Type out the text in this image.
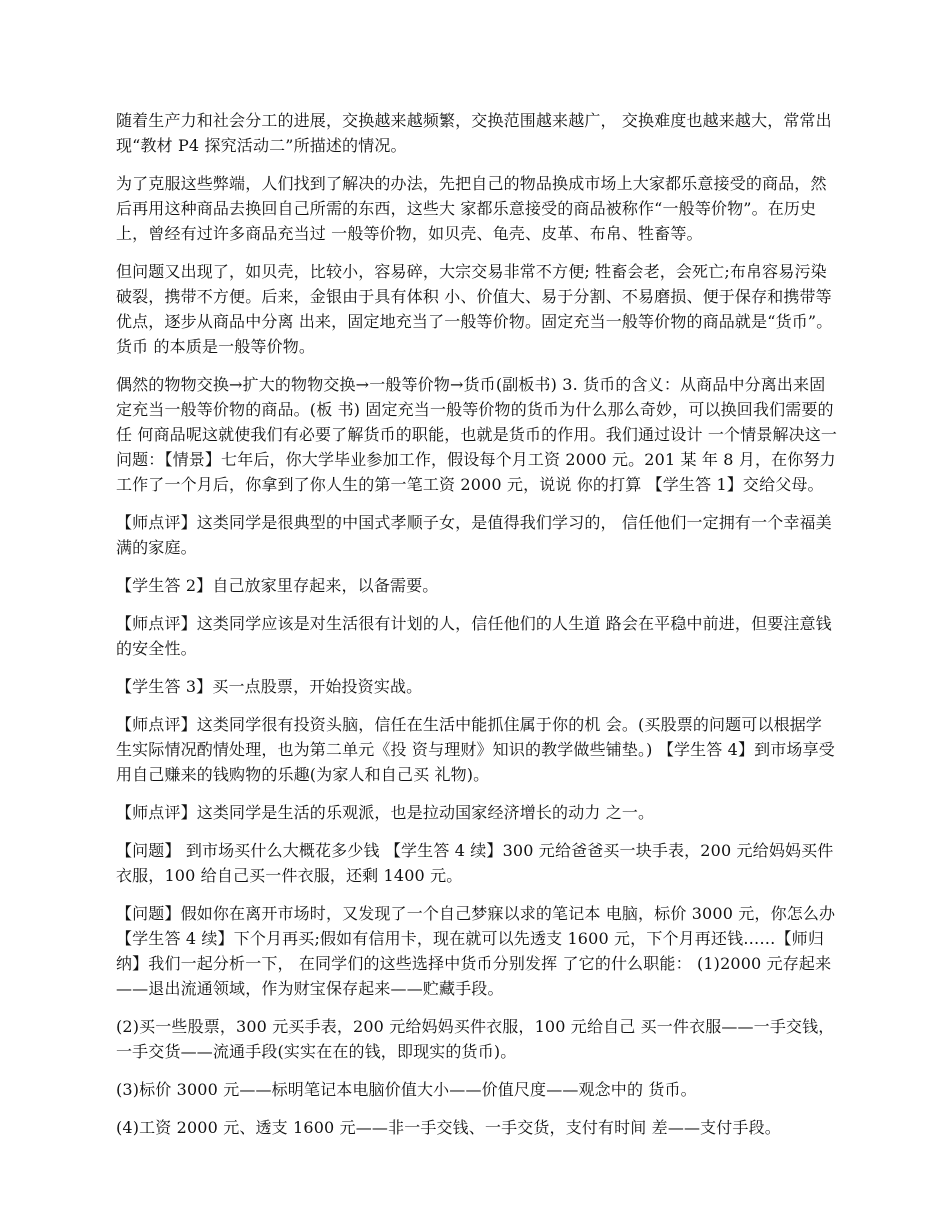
随着生产力和社会分工的进展，交换越来越频繁，交换范围越来越广， 交换难度也越来越大，常常出现“教材 P4 探究活动二”所描述的情况。

为了克服这些弊端，人们找到了解决的办法，先把自己的物品换成市场上大家都乐意接受的商品，然后再用这种商品去换回自己所需的东西，这些大 家都乐意接受的商品被称作“一般等价物”。在历史上，曾经有过许多商品充当过 一般等价物，如贝壳、龟壳、皮革、布帛、牲畜等。

但问题又出现了，如贝壳，比较小，容易碎，大宗交易非常不方便; 牲畜会老，会死亡;布帛容易污染破裂，携带不方便。后来，金银由于具有体积 小、价值大、易于分割、不易磨损、便于保存和携带等优点，逐步从商品中分离 出来，固定地充当了一般等价物。固定充当一般等价物的商品就是“货币”。货币 的本质是一般等价物。

偶然的物物交换→扩大的物物交换→一般等价物→货币(副板书) 3. 货币的含义：从商品中分离出来固定充当一般等价物的商品。(板 书) 固定充当一般等价物的货币为什么那么奇妙，可以换回我们需要的任 何商品呢这就使我们有必要了解货币的职能，也就是货币的作用。我们通过设计 一个情景解决这一问题：【情景】七年后，你大学毕业参加工作，假设每个月工资 2000 元。201 某 年 8 月，在你努力工作了一个月后，你拿到了你人生的第一笔工资 2000 元，说说 你的打算 【学生答 1】交给父母。

【师点评】这类同学是很典型的中国式孝顺子女，是值得我们学习的， 信任他们一定拥有一个幸福美满的家庭。

【学生答 2】自己放家里存起来，以备需要。

【师点评】这类同学应该是对生活很有计划的人，信任他们的人生道 路会在平稳中前进，但要注意钱的安全性。

【学生答 3】买一点股票，开始投资实战。

【师点评】这类同学很有投资头脑，信任在生活中能抓住属于你的机 会。(买股票的问题可以根据学生实际情况酌情处理，也为第二单元《投 资与理财》知识的教学做些铺垫。) 【学生答 4】到市场享受用自己赚来的钱购物的乐趣(为家人和自己买 礼物)。

【师点评】这类同学是生活的乐观派，也是拉动国家经济增长的动力 之一。

【问题】 到市场买什么大概花多少钱 【学生答 4 续】300 元给爸爸买一块手表，200 元给妈妈买件衣服，100 给自己买一件衣服，还剩 1400 元。

【问题】假如你在离开市场时，又发现了一个自己梦寐以求的笔记本 电脑，标价 3000 元，你怎么办 【学生答 4 续】下个月再买;假如有信用卡，现在就可以先透支 1600 元，下个月再还钱……【师归纳】我们一起分析一下， 在同学们的这些选择中货币分别发挥 了它的什么职能： (1)2000 元存起来——退出流通领域，作为财宝保存起来——贮藏手段。

(2)买一些股票，300 元买手表，200 元给妈妈买件衣服，100 元给自己 买一件衣服——一手交钱，一手交货——流通手段(实实在在的钱，即现实的货币)。

(3)标价 3000 元——标明笔记本电脑价值大小——价值尺度——观念中的 货币。

(4)工资 2000 元、透支 1600 元——非一手交钱、一手交货，支付有时间 差——支付手段。
